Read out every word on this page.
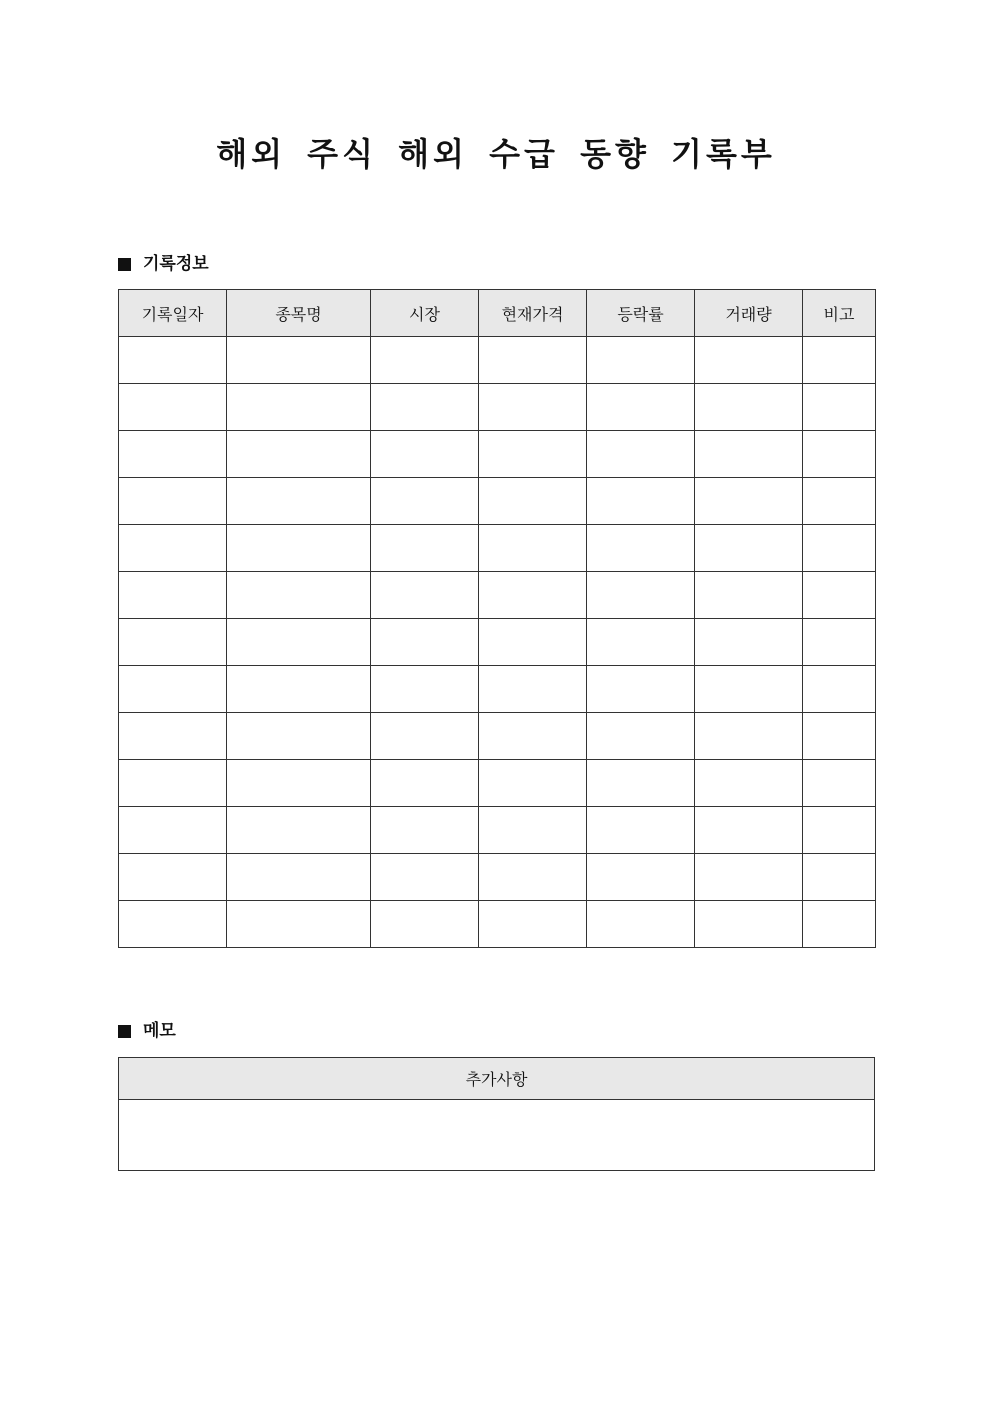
해외 주식 해외 수급 동향 기록부
기록정보
기록일자	종목명	시장	현재가격	등락률	거래량	비고

메모
추가사항
